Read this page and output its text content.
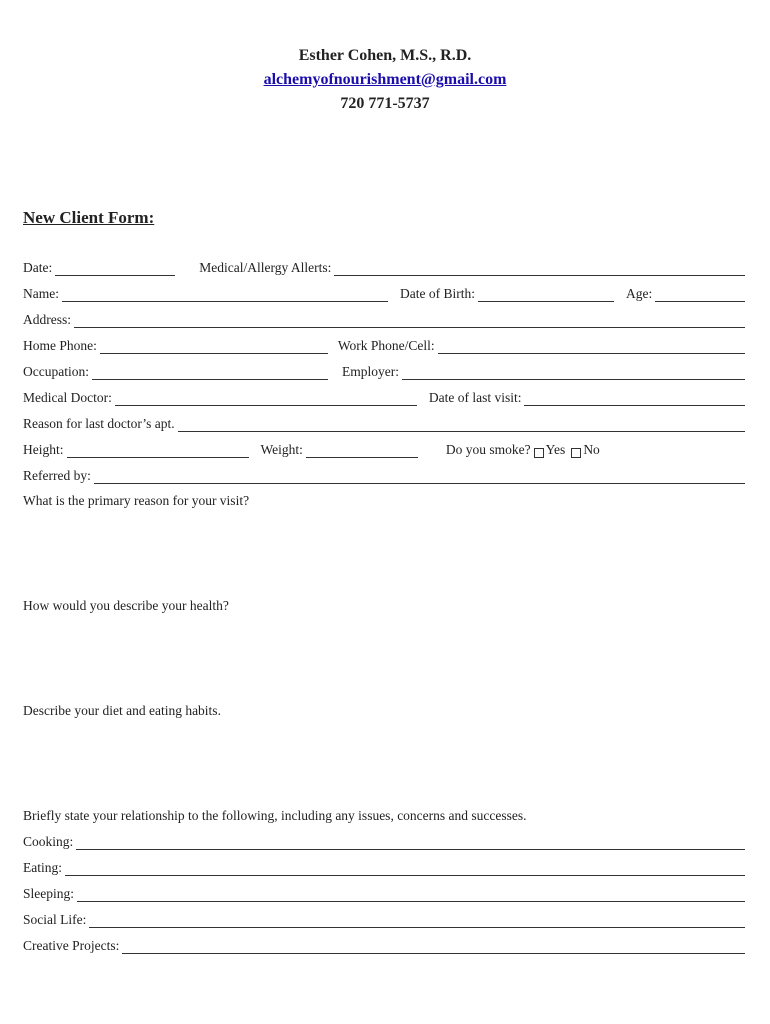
Esther Cohen, M.S., R.D.
alchemyofnourishment@gmail.com
720 771-5737
New Client Form:
Date:	Medical/Allergy Allerts:
Name:	Date of Birth:	Age:
Address:
Home Phone:	Work Phone/Cell:
Occupation:	Employer:
Medical Doctor:	Date of last visit:
Reason for last doctor’s apt.
Height:	Weight:	Do you smoke? Yes No
Referred by:
What is the primary reason for your visit?
How would you describe your health?
Describe your diet and eating habits.
Briefly state your relationship to the following, including any issues, concerns and successes.
Cooking:
Eating:
Sleeping:
Social Life:
Creative Projects:
